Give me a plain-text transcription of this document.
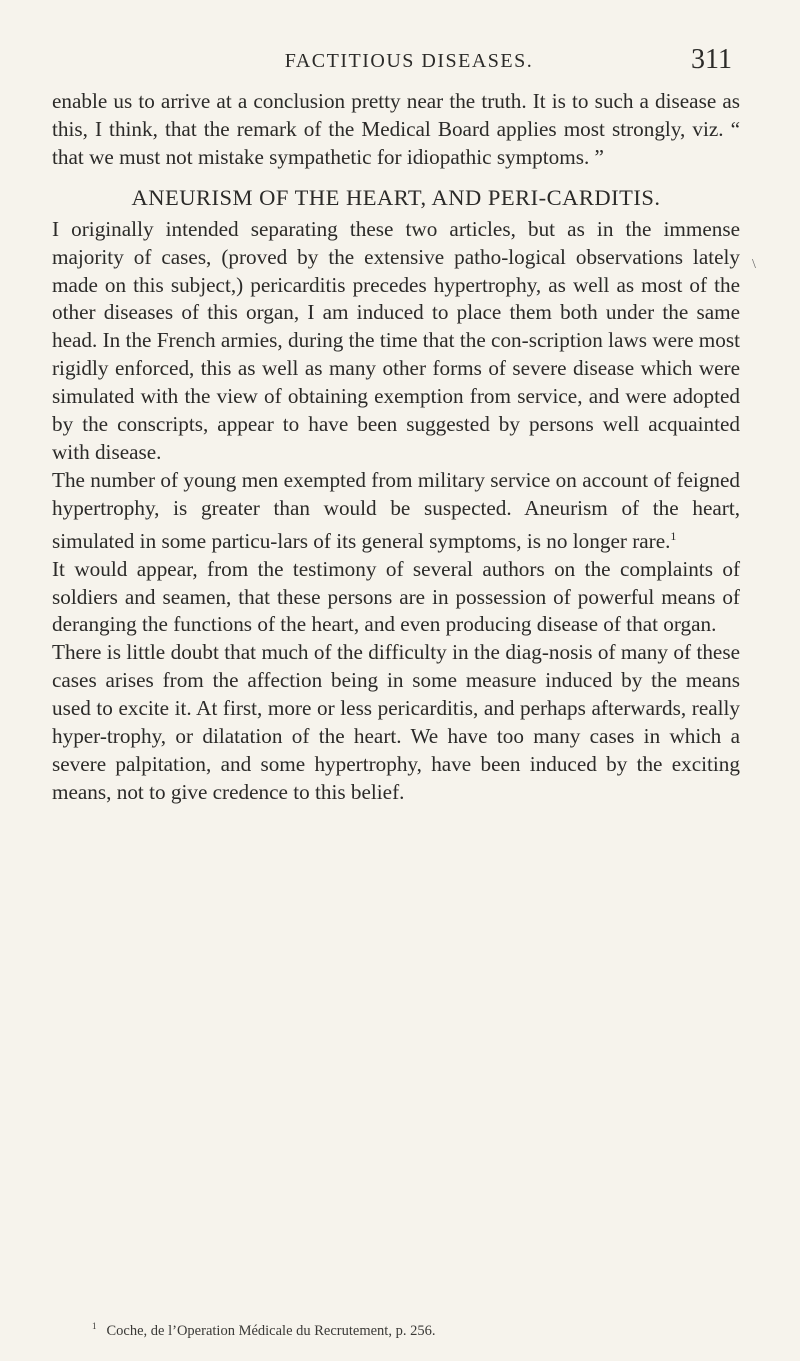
FACTITIOUS DISEASES.	311
\

enable us to arrive at a conclusion pretty near the truth. It is to such a disease as this, I think, that the remark of the Medical Board applies most strongly, viz. “ that we must not mistake sympathetic for idiopathic symptoms. ”

ANEURISM OF THE HEART, AND PERI-CARDITIS.

I originally intended separating these two articles, but as in the immense majority of cases, (proved by the extensive patho-logical observations lately made on this subject,) pericarditis precedes hypertrophy, as well as most of the other diseases of this organ, I am induced to place them both under the same head. In the French armies, during the time that the con-scription laws were most rigidly enforced, this as well as many other forms of severe disease which were simulated with the view of obtaining exemption from service, and were adopted by the conscripts, appear to have been suggested by persons well acquainted with disease.

The number of young men exempted from military service on account of feigned hypertrophy, is greater than would be suspected. Aneurism of the heart, simulated in some particu-lars of its general symptoms, is no longer rare.$^1$

It would appear, from the testimony of several authors on the complaints of soldiers and seamen, that these persons are in possession of powerful means of deranging the functions of the heart, and even producing disease of that organ.

There is little doubt that much of the difficulty in the diag-nosis of many of these cases arises from the affection being in some measure induced by the means used to excite it. At first, more or less pericarditis, and perhaps afterwards, really hyper-trophy, or dilatation of the heart. We have too many cases in which a severe palpitation, and some hypertrophy, have been induced by the exciting means, not to give credence to this belief.

$^1$ Coche, de l’Operation Médicale du Recrutement, p. 256.
